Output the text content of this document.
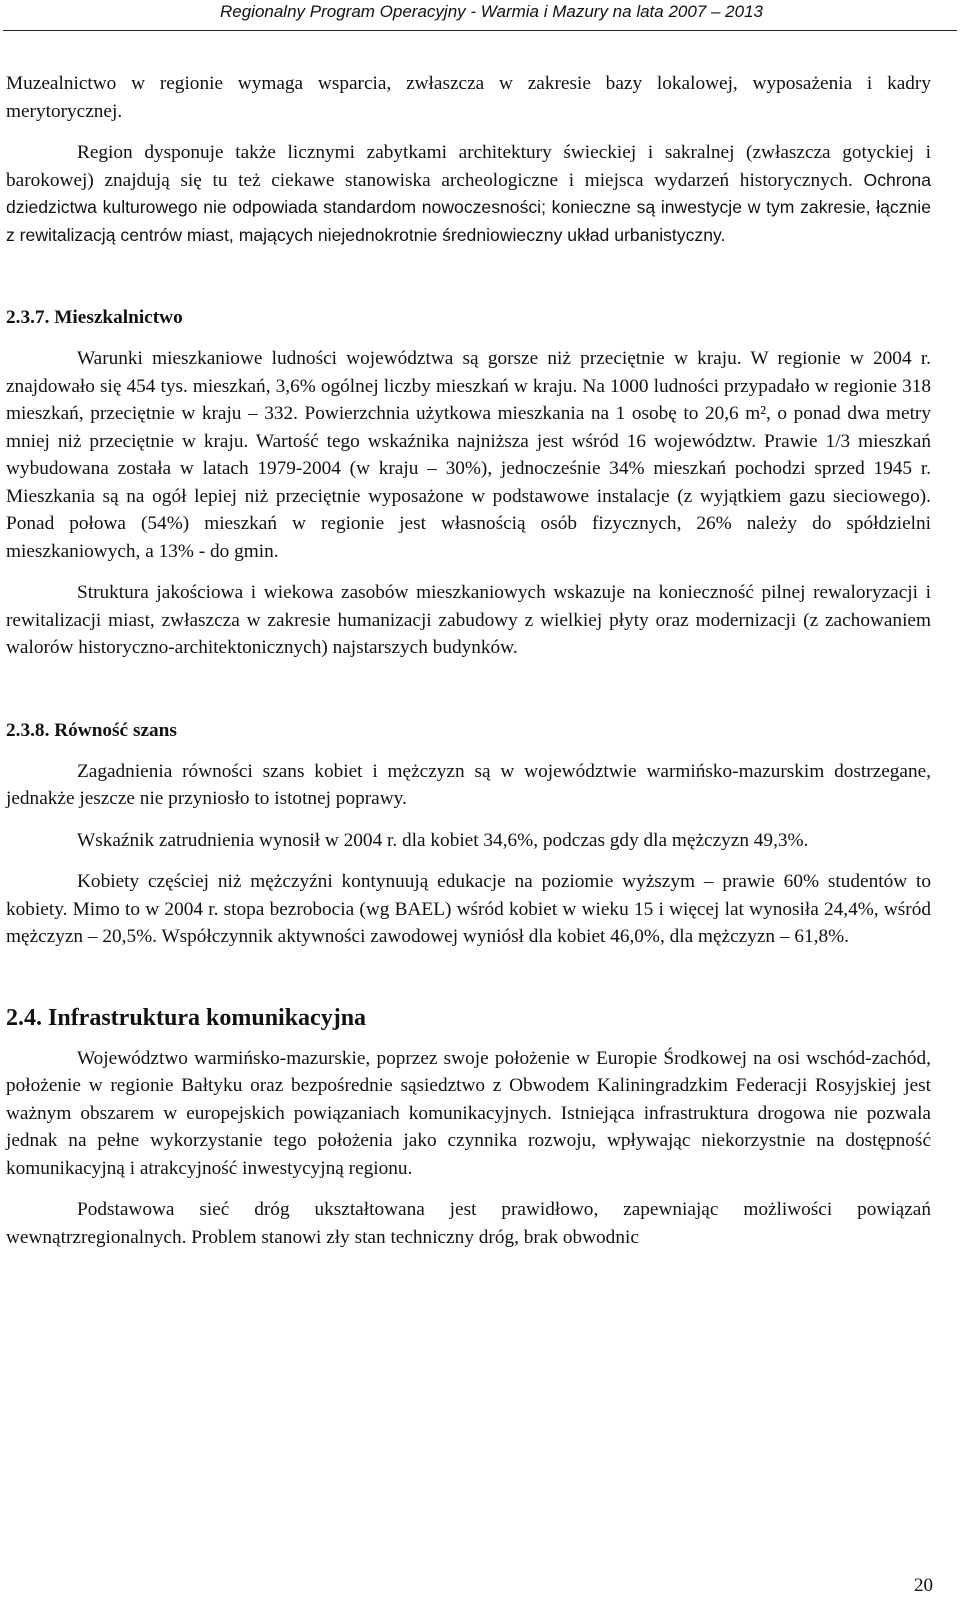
Regionalny Program Operacyjny - Warmia i Mazury na lata 2007 – 2013

Muzealnictwo w regionie wymaga wsparcia, zwłaszcza w zakresie bazy lokalowej, wyposażenia i kadry merytorycznej.

Region dysponuje także licznymi zabytkami architektury świeckiej i sakralnej (zwłaszcza gotyckiej i barokowej) znajdują się tu też ciekawe stanowiska archeologiczne i miejsca wydarzeń historycznych. Ochrona dziedzictwa kulturowego nie odpowiada standardom nowoczesności; konieczne są inwestycje w tym zakresie, łącznie z rewitalizacją centrów miast, mających niejednokrotnie średniowieczny układ urbanistyczny.

2.3.7. Mieszkalnictwo

Warunki mieszkaniowe ludności województwa są gorsze niż przeciętnie w kraju. W regionie w 2004 r. znajdowało się 454 tys. mieszkań, 3,6% ogólnej liczby mieszkań w kraju. Na 1000 ludności przypadało w regionie 318 mieszkań, przeciętnie w kraju – 332. Powierzchnia użytkowa mieszkania na 1 osobę to 20,6 m², o ponad dwa metry mniej niż przeciętnie w kraju. Wartość tego wskaźnika najniższa jest wśród 16 województw. Prawie 1/3 mieszkań wybudowana została w latach 1979-2004 (w kraju – 30%), jednocześnie 34% mieszkań pochodzi sprzed 1945 r. Mieszkania są na ogół lepiej niż przeciętnie wyposażone w podstawowe instalacje (z wyjątkiem gazu sieciowego). Ponad połowa (54%) mieszkań w regionie jest własnością osób fizycznych, 26% należy do spółdzielni mieszkaniowych, a 13% - do gmin.

Struktura jakościowa i wiekowa zasobów mieszkaniowych wskazuje na konieczność pilnej rewaloryzacji i rewitalizacji miast, zwłaszcza w zakresie humanizacji zabudowy z wielkiej płyty oraz modernizacji (z zachowaniem walorów historyczno-architektonicznych) najstarszych budynków.

2.3.8. Równość szans

Zagadnienia równości szans kobiet i mężczyzn są w województwie warmińsko-mazurskim dostrzegane, jednakże jeszcze nie przyniosło to istotnej poprawy.

Wskaźnik zatrudnienia wynosił w 2004 r. dla kobiet 34,6%, podczas gdy dla mężczyzn 49,3%.

Kobiety częściej niż mężczyźni kontynuują edukacje na poziomie wyższym – prawie 60% studentów to kobiety. Mimo to w 2004 r. stopa bezrobocia (wg BAEL) wśród kobiet w wieku 15 i więcej lat wynosiła 24,4%, wśród mężczyzn – 20,5%. Współczynnik aktywności zawodowej wyniósł dla kobiet 46,0%, dla mężczyzn – 61,8%.

2.4. Infrastruktura komunikacyjna

Województwo warmińsko-mazurskie, poprzez swoje położenie w Europie Środkowej na osi wschód-zachód, położenie w regionie Bałtyku oraz bezpośrednie sąsiedztwo z Obwodem Kaliningradzkim Federacji Rosyjskiej jest ważnym obszarem w europejskich powiązaniach komunikacyjnych. Istniejąca infrastruktura drogowa nie pozwala jednak na pełne wykorzystanie tego położenia jako czynnika rozwoju, wpływając niekorzystnie na dostępność komunikacyjną i atrakcyjność inwestycyjną regionu.

Podstawowa sieć dróg ukształtowana jest prawidłowo, zapewniając możliwości powiązań wewnątrzregionalnych. Problem stanowi zły stan techniczny dróg, brak obwodnic

20
